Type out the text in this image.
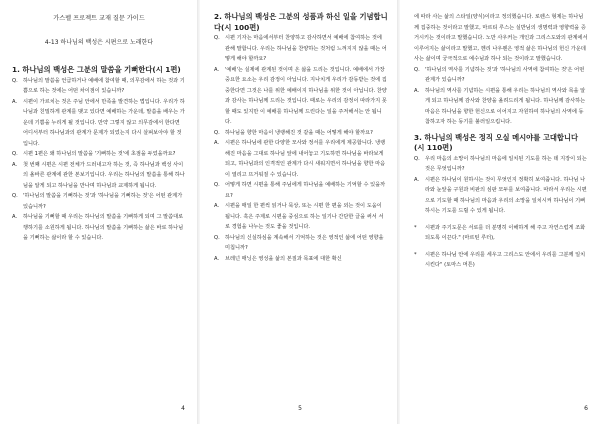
가스펠 프로젝트 교재 질문 가이드
4-13 하나님의 백성은 시편으로 노래한다
1. 하나님의 백성은 그분의 말씀을 기뻐한다(시 1편)
Q. 하나님의 말씀을 언급하거나 예배에 참여할 때, 의무감에서 하는 것과 기쁨으로 하는 것에는 어떤 차이점이 있습니까?
A. 시편이 가르치는 것은 주님 안에서 만족을 발견하는 법입니다. 우리가 하나님과 친밀하게 관계를 맺고 있다면 예배하는 가운데, 말씀을 배우는 가운데 기쁨을 누리게 될 것입니다. 만약 그렇지 않고 의무감에서 한다면 어디서부터 하나님과의 관계가 문제가 되었는지 다시 살펴보아야 할 것입니다.
Q. 시편 1편은 왜 하나님의 말씀을 '기뻐하는 것'에 초점을 두었을까요?
A. 첫 번째 시편은 시편 전체가 드러내고자 하는 것, 즉 하나님과 백성 사이의 올바른 관계에 관한 본보기입니다. 우리는 하나님의 말씀을 통해 하나님을 알게 되고 하나님을 만나며 하나님과 교제하게 됩니다.
Q. '하나님의 말씀을 기뻐하는 것'과 '하나님을 기뻐하는 것'은 어떤 관계가 있습니까?
A. 하나님을 기뻐할 때 우리는 하나님의 말씀을 기뻐하게 되며 그 말씀대로 행하기를 소원하게 됩니다. 하나님의 말씀을 기뻐하는 삶은 바로 하나님을 기뻐하는 삶이라 할 수 있습니다.
4
2. 하나님의 백성은 그분의 성품과 하신 일을 기념합니다(시 100편)
Q. 시편 기자는 마음에서부터 찬양하고 감사하면서 예배에 참여하는 것에 관해 말합니다. 우리는 하나님을 찬양하는 것처럼 느껴지지 않을 때는 어떻게 해야 할까요?
A. '예배'는 실제에 관계된 것이며 온 삶을 드리는 것입니다. 예배에서 가장 중요한 요소는 우리 감정이 아닙니다. 지나치게 우리가 감동받는 것에 집중한다면 그것은 나를 위한 예배이지 하나님을 위한 것이 아닙니다. 찬양과 감사는 하나님께 드리는 것입니다. 때로는 우리의 감정이 따라가지 못할 때도 있지만 이 예배를 하나님께 드린다는 일을 주저해서는 안 됩니다.
Q. 하나님을 향한 마음이 냉랭해진 것 같을 때는 어떻게 해야 할까요?
A. 시편은 하나님에 관한 다양한 모사와 정서를 우리에게 제공합니다. 냉랭해진 마음을 그대로 하나님 앞에 내어놓고 기도하면 하나님을 바라보게 되고, 하나님과의 인격적인 관계가 다시 새워지면서 하나님을 향한 마음이 열리고 뜨거워질 수 있습니다.
Q. 어떻게 하면 시편을 통해 주님에게 하나님을 예배하는 기억할 수 있을까요?
A. 시편을 매일 한 편씩 읽거나 묵상, 또는 시편 한 편을 외는 것이 도움이 됩니다. 혹은 주제로 시편을 중심으로 하는 일기나 간단한 글을 써서 서로 경험을 나누는 것도 좋을 것입니다.
Q. 하나님의 신실하심을 계속해서 기억하는 것은 영적인 삶에 어떤 영향을 미칩니까?
A. 브레넌 매닝은 영성을 삶의 본질과 목표에 대한 확신
5
에 따라 사는 삶의 스타일(양식)이라고 정의했습니다. 로렌스 형제는 하나님께 집중하는 것이라고 말했고, 마르티 루스는 실반님의 생명력과 영향력을 증거시키는 것이라고 말했습니다. 노만 사우커는 개인과 그리스도와의 관계에서 이루어지는 삶이라고 말했고, 헨리 나우웬은 영적 삶은 하나님의 헌신 가운데 사는 삶이며 궁극적으로 예수님과 하나 되는 것이라고 말했습니다.
Q. '하나님의 역사를 기념하는 것'과 '하나님의 사역에 참여하는 것'은 어떤 관계가 있습니까?
A. 하나님의 역사를 기념하는 시편을 통해 우리는 하나님의 역사와 목을 알게 되고 하나님께 감사와 찬양을 올려드리게 됩니다. 하나님께 감사하는 마음은 하나님을 향한 헌신으로 이어지고 자원하여 하나님의 사역에 동참하고자 하는 동기를 불러일으킵니다.
3. 하나님의 백성은 정직 오실 메시야를 고대합니다(시 110편)
Q. 우리 마음의 소망이 하나님의 마음에 일치된 기도를 하는 데 지장이 되는 것은 무엇입니까?
A. 시편은 하나님이 원하시는 것이 무엇인지 정확히 보여줍니다. 하나님 나라와 눈앞을 구원과 비판의 심판 모두를 보여줍니다. 따라서 우리는 시편으로 기도할 때 하나님의 마음과 우리의 소망을 일치시켜 하나님이 기뻐하시는 기도를 드릴 수 있게 됩니다.
* 시편과 주기도문은 서로를 더 분명히 이해하게 해 주고 자연스럽게 조화되도록 이끈다." (마르틴 루터),
* 시편은 하나님 안에 우리를 세우고 그리스도 안에서 우리를 그분께 일치시킨다" (토마스 머튼)
6
